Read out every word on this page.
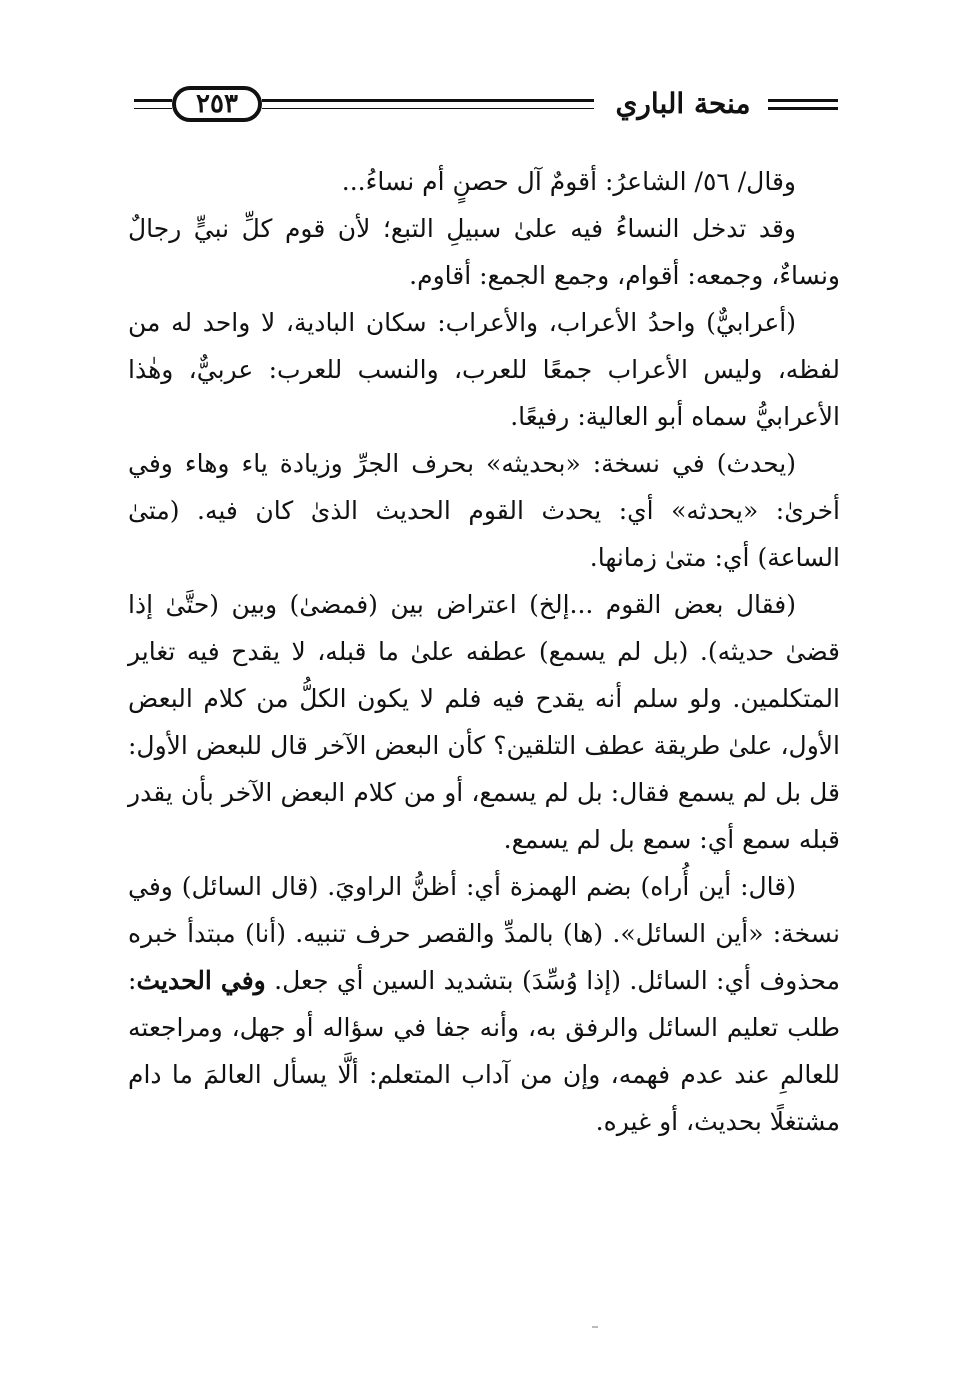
منحة الباري
٢٥٣

وقال/ ٥٦/ الشاعرُ: أقومٌ آل حصنٍ أم نساءُ...

وقد تدخل النساءُ فيه علىٰ سبيلِ التبع؛ لأن قوم كلِّ نبيٍّ رجالٌ ونساءٌ، وجمعه: أقوام، وجمع الجمع: أقاوم.

(أعرابيٌّ) واحدُ الأعراب، والأعراب: سكان البادية، لا واحد له من لفظه، وليس الأعراب جمعًا للعرب، والنسب للعرب: عربيٌّ، وهٰذا الأعرابيُّ سماه أبو العالية: رفيعًا.

(يحدث) في نسخة: «بحديثه» بحرف الجرِّ وزيادة ياء وهاء وفي أخرىٰ: «يحدثه» أي: يحدث القوم الحديث الذىٰ كان فيه. (متىٰ الساعة) أي: متىٰ زمانها.

(فقال بعض القوم ...إلخ) اعتراض بين (فمضىٰ) وبين (حتَّىٰ إذا قضىٰ حديثه). (بل لم يسمع) عطفه علىٰ ما قبله، لا يقدح فيه تغاير المتكلمين. ولو سلم أنه يقدح فيه فلم لا يكون الكلُّ من كلام البعض الأول، علىٰ طريقة عطف التلقين؟ كأن البعض الآخر قال للبعض الأول: قل بل لم يسمع فقال: بل لم يسمع، أو من كلام البعض الآخر بأن يقدر قبله سمع أي: سمع بل لم يسمع.

(قال: أين أُراه) بضم الهمزة أي: أظنُّ الراويَ. (قال السائل) وفي نسخة: «أين السائل». (ها) بالمدِّ والقصر حرف تنبيه. (أنا) مبتدأ خبره محذوف أي: السائل. (إذا وُسِّدَ) بتشديد السين أي جعل. وفي الحديث: طلب تعليم السائل والرفق به، وأنه جفا في سؤاله أو جهل، ومراجعته للعالمِ عند عدم فهمه، وإن من آداب المتعلم: ألَّا يسأل العالمَ ما دام مشتغلًا بحديث، أو غيره.
